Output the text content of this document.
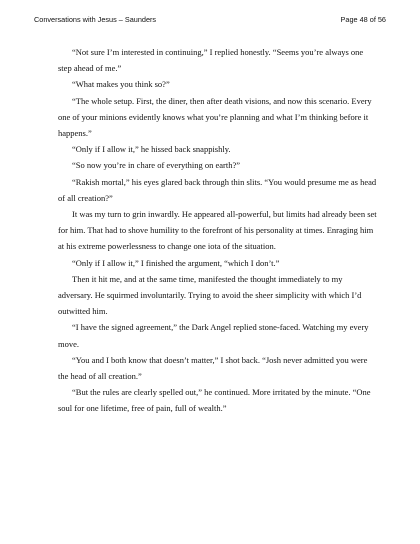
Conversations with Jesus – Saunders	Page 48 of 56

“Not sure I’m interested in continuing,” I replied honestly. “Seems you’re always one step ahead of me.”

“What makes you think so?”

“The whole setup. First, the diner, then after death visions, and now this scenario. Every one of your minions evidently knows what you’re planning and what I’m thinking before it happens.”

“Only if I allow it,” he hissed back snappishly.

“So now you’re in chare of everything on earth?”

“Rakish mortal,” his eyes glared back through thin slits. “You would presume me as head of all creation?”

It was my turn to grin inwardly. He appeared all-powerful, but limits had already been set for him. That had to shove humility to the forefront of his personality at times. Enraging him at his extreme powerlessness to change one iota of the situation.

“Only if I allow it,” I finished the argument, “which I don’t.”

Then it hit me, and at the same time, manifested the thought immediately to my adversary. He squirmed involuntarily. Trying to avoid the sheer simplicity with which I’d outwitted him.

“I have the signed agreement,” the Dark Angel replied stone-faced. Watching my every move.

“You and I both know that doesn’t matter,” I shot back. “Josh never admitted you were the head of all creation.”

“But the rules are clearly spelled out,” he continued. More irritated by the minute. “One soul for one lifetime, free of pain, full of wealth.”
